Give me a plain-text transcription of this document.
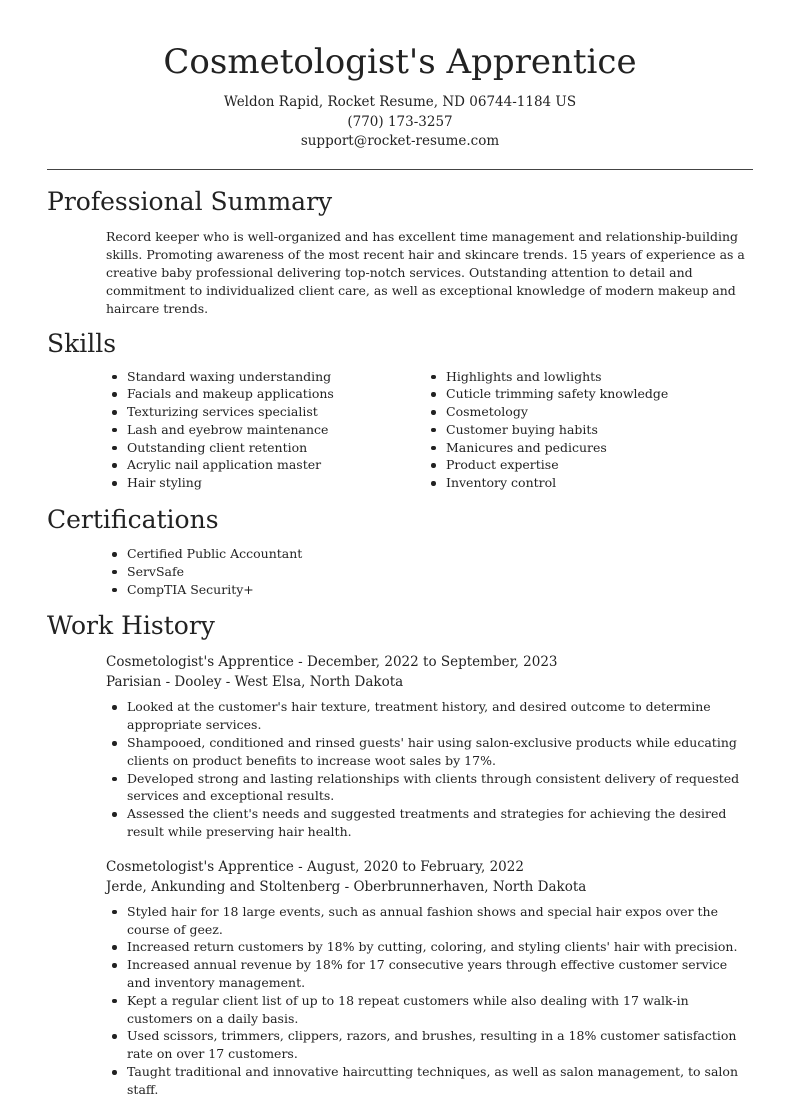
Cosmetologist's Apprentice

Weldon Rapid, Rocket Resume, ND 06744-1184 US

(770) 173-3257

support@rocket-resume.com

Professional Summary

Record keeper who is well-organized and has excellent time management and relationship-building skills. Promoting awareness of the most recent hair and skincare trends. 15 years of experience as a creative baby professional delivering top-notch services. Outstanding attention to detail and commitment to individualized client care, as well as exceptional knowledge of modern makeup and haircare trends.

Skills
Standard waxing understanding
Facials and makeup applications
Texturizing services specialist
Lash and eyebrow maintenance
Outstanding client retention
Acrylic nail application master
Hair styling
Highlights and lowlights
Cuticle trimming safety knowledge
Cosmetology
Customer buying habits
Manicures and pedicures
Product expertise
Inventory control
Certifications
Certified Public Accountant
ServSafe
CompTIA Security+
Work History

Cosmetologist's Apprentice - December, 2022 to September, 2023

Parisian - Dooley - West Elsa, North Dakota

Looked at the customer's hair texture, treatment history, and desired outcome to determine appropriate services.
Shampooed, conditioned and rinsed guests' hair using salon-exclusive products while educating clients on product benefits to increase woot sales by 17%.
Developed strong and lasting relationships with clients through consistent delivery of requested services and exceptional results.
Assessed the client's needs and suggested treatments and strategies for achieving the desired result while preserving hair health.

Cosmetologist's Apprentice - August, 2020 to February, 2022

Jerde, Ankunding and Stoltenberg - Oberbrunnerhaven, North Dakota

Styled hair for 18 large events, such as annual fashion shows and special hair expos over the course of geez.
Increased return customers by 18% by cutting, coloring, and styling clients' hair with precision.
Increased annual revenue by 18% for 17 consecutive years through effective customer service and inventory management.
Kept a regular client list of up to 18 repeat customers while also dealing with 17 walk-in customers on a daily basis.
Used scissors, trimmers, clippers, razors, and brushes, resulting in a 18% customer satisfaction rate on over 17 customers.
Taught traditional and innovative haircutting techniques, as well as salon management, to salon staff.
